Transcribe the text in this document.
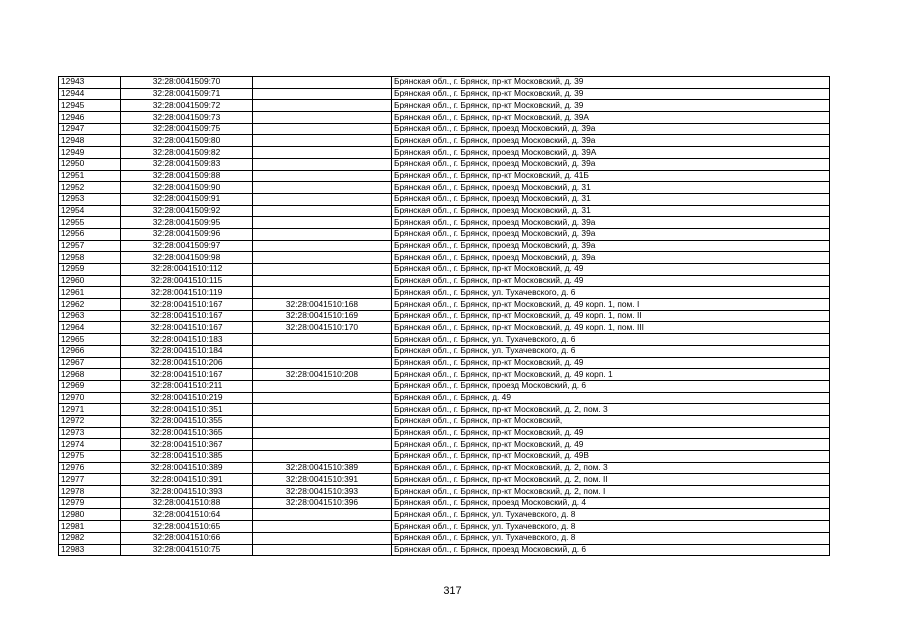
12943	32:28:0041509:70		Брянская обл., г. Брянск, пр-кт Московский, д. 39
12944	32:28:0041509:71		Брянская обл., г. Брянск, пр-кт Московский, д. 39
12945	32:28:0041509:72		Брянская обл., г. Брянск, пр-кт Московский, д. 39
12946	32:28:0041509:73		Брянская обл., г. Брянск, пр-кт Московский, д. 39А
12947	32:28:0041509:75		Брянская обл., г. Брянск, проезд Московский, д. 39а
12948	32:28:0041509:80		Брянская обл., г. Брянск, проезд Московский, д. 39а
12949	32:28:0041509:82		Брянская обл., г. Брянск, проезд Московский, д. 39А
12950	32:28:0041509:83		Брянская обл., г. Брянск, проезд Московский, д. 39а
12951	32:28:0041509:88		Брянская обл., г. Брянск, пр-кт Московский, д. 41Б
12952	32:28:0041509:90		Брянская обл., г. Брянск, проезд Московский, д. 31
12953	32:28:0041509:91		Брянская обл., г. Брянск, проезд Московский, д. 31
12954	32:28:0041509:92		Брянская обл., г. Брянск, проезд Московский, д. 31
12955	32:28:0041509:95		Брянская обл., г. Брянск, проезд Московский, д. 39а
12956	32:28:0041509:96		Брянская обл., г. Брянск, проезд Московский, д. 39а
12957	32:28:0041509:97		Брянская обл., г. Брянск, проезд Московский, д. 39а
12958	32:28:0041509:98		Брянская обл., г. Брянск, проезд Московский, д. 39а
12959	32:28:0041510:112		Брянская обл., г. Брянск, пр-кт Московский, д. 49
12960	32:28:0041510:115		Брянская обл., г. Брянск, пр-кт Московский, д. 49
12961	32:28:0041510:119		Брянская обл., г. Брянск, ул. Тухачевского, д. 6
12962	32:28:0041510:167	32:28:0041510:168	Брянская обл., г. Брянск, пр-кт Московский, д. 49 корп. 1, пом. I
12963	32:28:0041510:167	32:28:0041510:169	Брянская обл., г. Брянск, пр-кт Московский, д. 49 корп. 1, пом. II
12964	32:28:0041510:167	32:28:0041510:170	Брянская обл., г. Брянск, пр-кт Московский, д. 49 корп. 1, пом. III
12965	32:28:0041510:183		Брянская обл., г. Брянск, ул. Тухачевского, д. 6
12966	32:28:0041510:184		Брянская обл., г. Брянск, ул. Тухачевского, д. 6
12967	32:28:0041510:206		Брянская обл., г. Брянск, пр-кт Московский, д. 49
12968	32:28:0041510:167	32:28:0041510:208	Брянская обл., г. Брянск, пр-кт Московский, д. 49 корп. 1
12969	32:28:0041510:211		Брянская обл., г. Брянск, проезд Московский, д. 6
12970	32:28:0041510:219		Брянская обл., г. Брянск, д. 49
12971	32:28:0041510:351		Брянская обл., г. Брянск, пр-кт Московский, д. 2, пом. 3
12972	32:28:0041510:355		Брянская обл., г. Брянск, пр-кт Московский,
12973	32:28:0041510:365		Брянская обл., г. Брянск, пр-кт Московский, д. 49
12974	32:28:0041510:367		Брянская обл., г. Брянск, пр-кт Московский, д. 49
12975	32:28:0041510:385		Брянская обл., г. Брянск, пр-кт Московский, д. 49В
12976	32:28:0041510:389	32:28:0041510:389	Брянская обл., г. Брянск, пр-кт Московский, д. 2, пом. 3
12977	32:28:0041510:391	32:28:0041510:391	Брянская обл., г. Брянск, пр-кт Московский, д. 2, пом. II
12978	32:28:0041510:393	32:28:0041510:393	Брянская обл., г. Брянск, пр-кт Московский, д. 2, пом. I
12979	32:28:0041510:88	32:28:0041510:396	Брянская обл., г. Брянск, проезд Московский, д. 4
12980	32:28:0041510:64		Брянская обл., г. Брянск, ул. Тухачевского, д. 8
12981	32:28:0041510:65		Брянская обл., г. Брянск, ул. Тухачевского, д. 8
12982	32:28:0041510:66		Брянская обл., г. Брянск, ул. Тухачевского, д. 8
12983	32:28:0041510:75		Брянская обл., г. Брянск, проезд Московский, д. 6
317
